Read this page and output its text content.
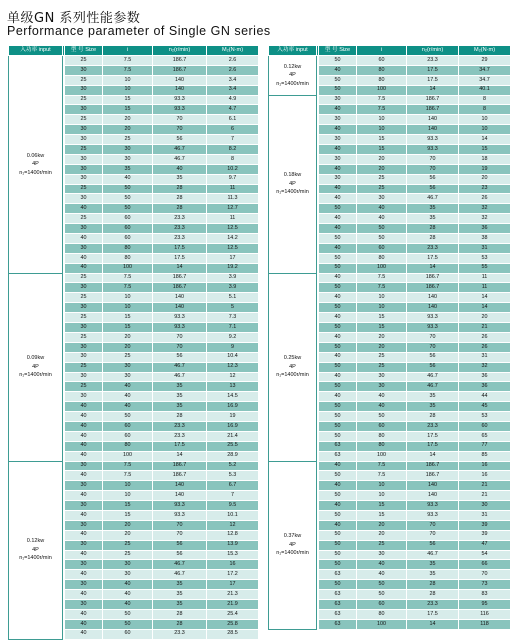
单级GN 系列性能参数
Performance parameter of Single GN series
入功率 input		型 号 Size	i	n₂(r/min)	M₂(N·m)

0.06kw
4P
n₁=1400r/min		25	7.5	186.7	2.6
		30	7.5	186.7	2.6
		25	10	140	3.4
		30	10	140	3.4
		25	15	93.3	4.9
		30	15	93.3	4.7
		25	20	70	6.1
		30	20	70	6
		30	25	56	7
		25	30	46.7	8.2
		30	30	46.7	8
		30	35	40	10.2
		30	40	35	9.7
		25	50	28	11
		30	50	28	11.3
		40	50	28	12.7
		25	60	23.3	11
		30	60	23.3	12.5
		40	60	23.3	14.2
		30	80	17.5	12.5
		40	80	17.5	17
		40	100	14	19.2

0.09kw
4P
n₁=1400r/min		25	7.5	186.7	3.9
		30	7.5	186.7	3.9
		25	10	140	5.1
		30	10	140	5
		25	15	93.3	7.3
		30	15	93.3	7.1
		25	20	70	9.2
		30	20	70	9
		30	25	56	10.4
		25	30	46.7	12.3
		30	30	46.7	12
		25	40	35	13
		30	40	35	14.5
		40	40	35	16.9
		40	50	28	19
		40	60	23.3	16.9
		40	60	23.3	21.4
		40	80	17.5	25.5
		40	100	14	28.9

0.12kw
4P
n₁=1400r/min		30	7.5	186.7	5.2
		40	7.5	186.7	5.3
		30	10	140	6.7
		40	10	140	7
		30	15	93.3	9.5
		40	15	93.3	10.1
		30	20	70	12
		40	20	70	12.8
		30	25	56	13.9
		40	25	56	15.3
		30	30	46.7	16
		40	30	46.7	17.2
		30	40	35	17
		40	40	35	21.3
		30	40	35	21.9
		40	50	28	25.4
		40	50	28	25.8
		40	60	23.3	28.5
入功率 input		型 号 Size	i	n₂(r/min)	M₂(N·m)

0.12kw
4P
n₁=1400r/min		50	60	23.3	29
		40	80	17.5	34.7
		50	80	17.5	34.7
		50	100	14	40.1

0.18kw
4P
n₁=1400r/min		30	7.5	186.7	8
		40	7.5	186.7	8
		30	10	140	10
		40	10	140	10
		30	15	93.3	14
		40	15	93.3	15
		30	20	70	18
		40	20	70	19
		30	25	56	20
		40	25	56	23
		40	30	46.7	26
		50	40	35	32
		40	40	35	32
		40	50	28	36
		50	50	28	38
		40	60	23.3	31
		50	80	17.5	53
		50	100	14	55

0.25kw
4P
n₁=1400r/min		40	7.5	186.7	11
		50	7.5	186.7	11
		40	10	140	14
		50	10	140	14
		40	15	93.3	20
		50	15	93.3	21
		40	20	70	26
		50	20	70	26
		40	25	56	31
		50	25	56	32
		40	30	46.7	36
		50	30	46.7	36
		40	40	35	44
		50	40	35	45
		50	50	28	53
		50	60	23.3	60
		50	80	17.5	65
		63	80	17.5	77
		63	100	14	85

0.37kw
4P
n₁=1400r/min		40	7.5	186.7	16
		50	7.5	186.7	16
		40	10	140	21
		50	10	140	21
		40	15	93.3	30
		50	15	93.3	31
		40	20	70	39
		50	20	70	39
		50	25	56	47
		50	30	46.7	54
		50	40	35	66
		63	40	35	70
		50	50	28	73
		63	50	28	83
		63	60	23.3	95
		63	80	17.5	116
		63	100	14	118
